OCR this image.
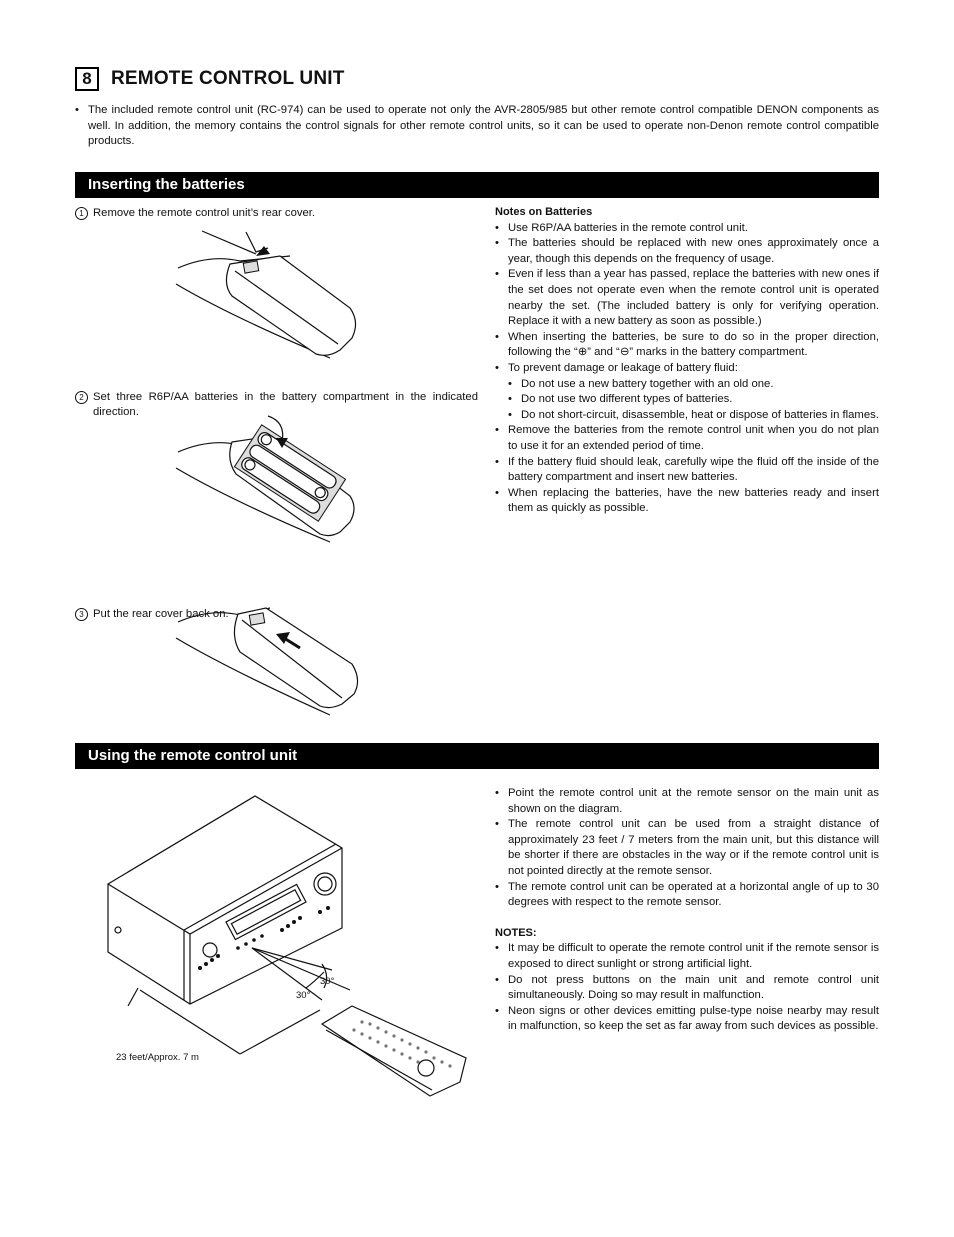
8	REMOTE CONTROL UNIT
• The included remote control unit (RC-974) can be used to operate not only the AVR-2805/985 but other remote control compatible DENON components as well. In addition, the memory contains the control signals for other remote control units, so it can be used to operate non-Denon remote control compatible products.
Inserting the batteries
1 Remove the remote control unit’s rear cover.
2 Set three R6P/AA batteries in the battery compartment in the indicated direction.
3 Put the rear cover back on.
Notes on Batteries
• Use R6P/AA batteries in the remote control unit.
• The batteries should be replaced with new ones approximately once a year, though this depends on the frequency of usage.
• Even if less than a year has passed, replace the batteries with new ones if the set does not operate even when the remote control unit is operated nearby the set. (The included battery is only for verifying operation. Replace it with a new battery as soon as possible.)
• When inserting the batteries, be sure to do so in the proper direction, following the “⊕” and “⊖” marks in the battery compartment.
• To prevent damage or leakage of battery fluid:
• Do not use a new battery together with an old one.
• Do not use two different types of batteries.
• Do not short-circuit, disassemble, heat or dispose of batteries in flames.
• Remove the batteries from the remote control unit when you do not plan to use it for an extended period of time.
• If the battery fluid should leak, carefully wipe the fluid off the inside of the battery compartment and insert new batteries.
• When replacing the batteries, have the new batteries ready and insert them as quickly as possible.
Using the remote control unit
30°
30°
23 feet/Approx. 7 m
• Point the remote control unit at the remote sensor on the main unit as shown on the diagram.
• The remote control unit can be used from a straight distance of approximately 23 feet / 7 meters from the main unit, but this distance will be shorter if there are obstacles in the way or if the remote control unit is not pointed directly at the remote sensor.
• The remote control unit can be operated at a horizontal angle of up to 30 degrees with respect to the remote sensor.
NOTES:
• It may be difficult to operate the remote control unit if the remote sensor is exposed to direct sunlight or strong artificial light.
• Do not press buttons on the main unit and remote control unit simultaneously. Doing so may result in malfunction.
• Neon signs or other devices emitting pulse-type noise nearby may result in malfunction, so keep the set as far away from such devices as possible.
